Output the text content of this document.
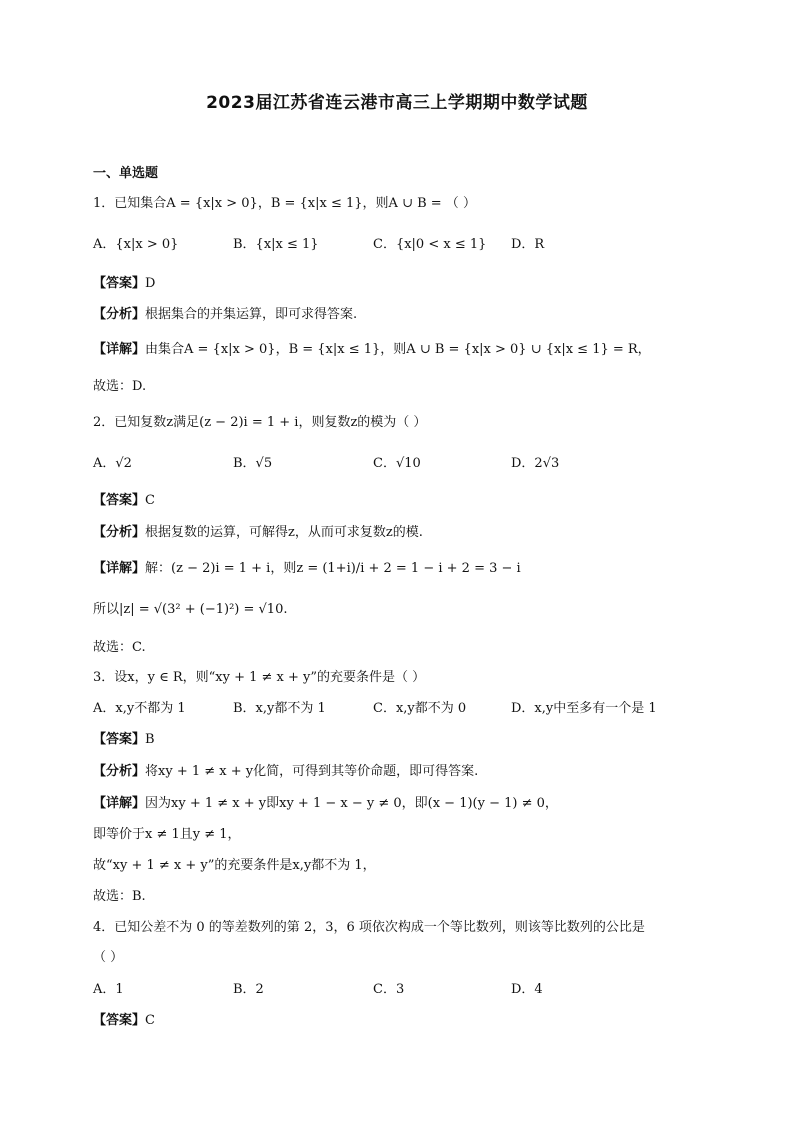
2023届江苏省连云港市高三上学期期中数学试题
一、单选题
1．已知集合A = {x|x > 0}，B = {x|x ≤ 1}，则A ∪ B = （ ）
A．{x|x > 0}	B．{x|x ≤ 1}	C．{x|0 < x ≤ 1} D．R
【答案】D
【分析】根据集合的并集运算，即可求得答案.
【详解】由集合A = {x|x > 0}，B = {x|x ≤ 1}，则A ∪ B = {x|x > 0} ∪ {x|x ≤ 1} = R，
故选：D.
2．已知复数z满足(z − 2)i = 1 + i，则复数z的模为（ ）
A．√2	B．√5	C．√10	D．2√3
【答案】C
【分析】根据复数的运算，可解得z，从而可求复数z的模.
【详解】解：(z − 2)i = 1 + i，则z = (1+i)/i + 2 = 1 − i + 2 = 3 − i
所以|z| = √(3² + (−1)²) = √10.
故选：C.
3．设x，y ∈ R，则“xy + 1 ≠ x + y”的充要条件是（ ）
A．x,y不都为 1	B．x,y都不为 1	C．x,y都不为 0	D．x,y中至多有一个是 1
【答案】B
【分析】将xy + 1 ≠ x + y化简，可得到其等价命题，即可得答案.
【详解】因为xy + 1 ≠ x + y即xy + 1 − x − y ≠ 0，即(x − 1)(y − 1) ≠ 0，
即等价于x ≠ 1且y ≠ 1，
故“xy + 1 ≠ x + y”的充要条件是x,y都不为 1，
故选：B.
4．已知公差不为 0 的等差数列的第 2，3，6 项依次构成一个等比数列，则该等比数列的公比是
（ ）
A．1	B．2	C．3	D．4
【答案】C
